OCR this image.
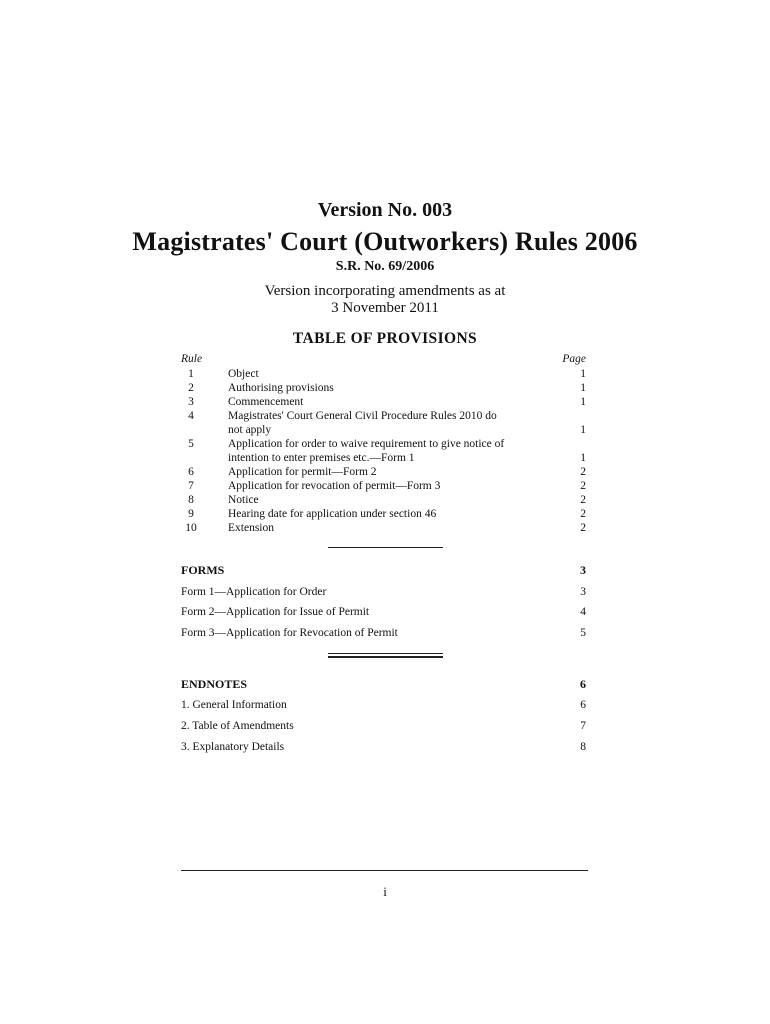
Version No. 003
Magistrates' Court (Outworkers) Rules 2006
S.R. No. 69/2006
Version incorporating amendments as at
3 November 2011
TABLE OF PROVISIONS
Rule	Page
1	Object	1
2	Authorising provisions	1
3	Commencement	1
4	Magistrates' Court General Civil Procedure Rules 2010 do
not apply	1
5	Application for order to waive requirement to give notice of
intention to enter premises etc.—Form 1	1
6	Application for permit—Form 2	2
7	Application for revocation of permit—Form 3	2
8	Notice	2
9	Hearing date for application under section 46	2
10	Extension	2
FORMS	3
Form 1—Application for Order	3
Form 2—Application for Issue of Permit	4
Form 3—Application for Revocation of Permit	5
ENDNOTES	6
1. General Information	6
2. Table of Amendments	7
3. Explanatory Details	8
i
